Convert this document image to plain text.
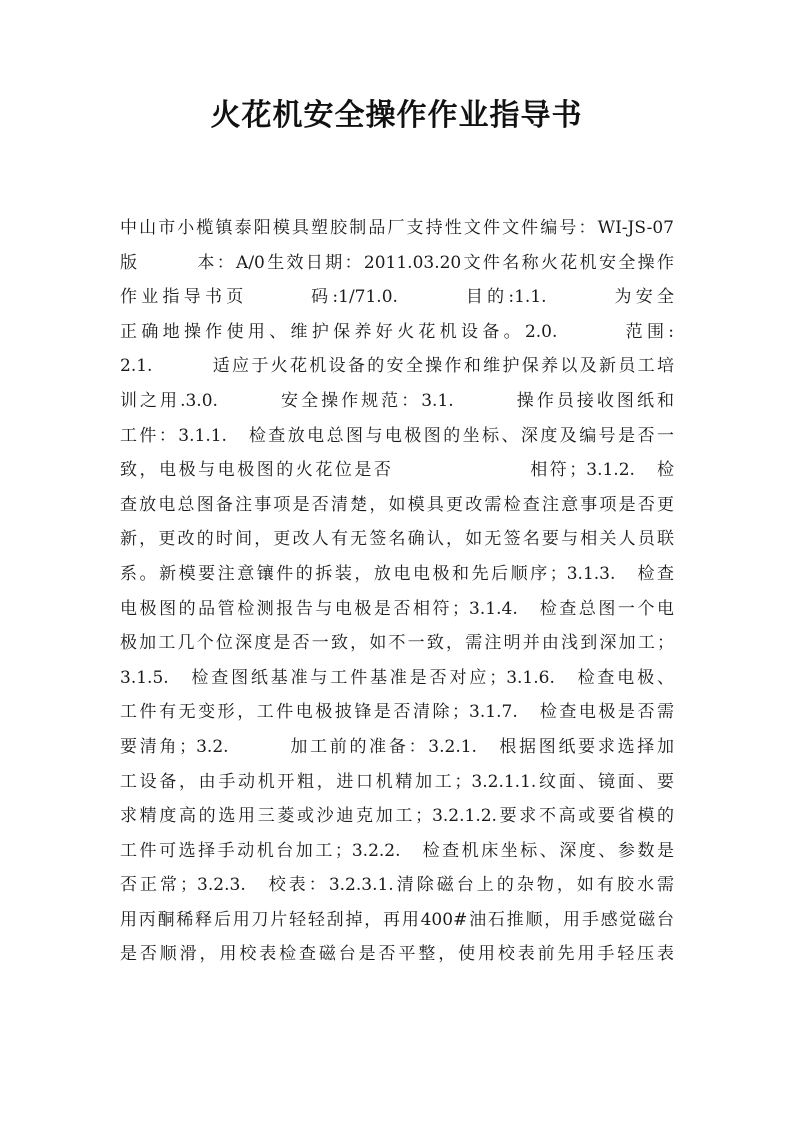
火花机安全操作作业指导书
中山市小榄镇泰阳模具塑胶制品厂支持性文件文件编号：WI-JS-07
版　　　本：A/0生效日期：2011.03.20文件名称火花机安全操作
作业指导书页　　　码:1/71.0.　　　目的:1.1.　　　为安全
正确地操作使用、维护保养好火花机设备。2.0.　　　范围:
2.1.　　　适应于火花机设备的安全操作和维护保养以及新员工培
训之用.3.0.　　　安全操作规范：3.1.　　　操作员接收图纸和
工件：3.1.1.　检查放电总图与电极图的坐标、深度及编号是否一
致，电极与电极图的火花位是否　　　　　　　相符；3.1.2.　检
查放电总图备注事项是否清楚，如模具更改需检查注意事项是否更
新，更改的时间，更改人有无签名确认，如无签名要与相关人员联
系。新模要注意镶件的拆装，放电电极和先后顺序；3.1.3.　检查
电极图的品管检测报告与电极是否相符；3.1.4.　检查总图一个电
极加工几个位深度是否一致，如不一致，需注明并由浅到深加工；
3.1.5.　检查图纸基准与工件基准是否对应；3.1.6.　检查电极、
工件有无变形，工件电极披锋是否清除；3.1.7.　检查电极是否需
要清角；3.2.　　　加工前的准备：3.2.1.　根据图纸要求选择加
工设备，由手动机开粗，进口机精加工；3.2.1.1.纹面、镜面、要
求精度高的选用三菱或沙迪克加工；3.2.1.2.要求不高或要省模的
工件可选择手动机台加工；3.2.2.　检查机床坐标、深度、参数是
否正常；3.2.3.　校表：3.2.3.1.清除磁台上的杂物，如有胶水需
用丙酮稀释后用刀片轻轻刮掉，再用400#油石推顺，用手感觉磁台
是否顺滑，用校表检查磁台是否平整，使用校表前先用手轻压表
